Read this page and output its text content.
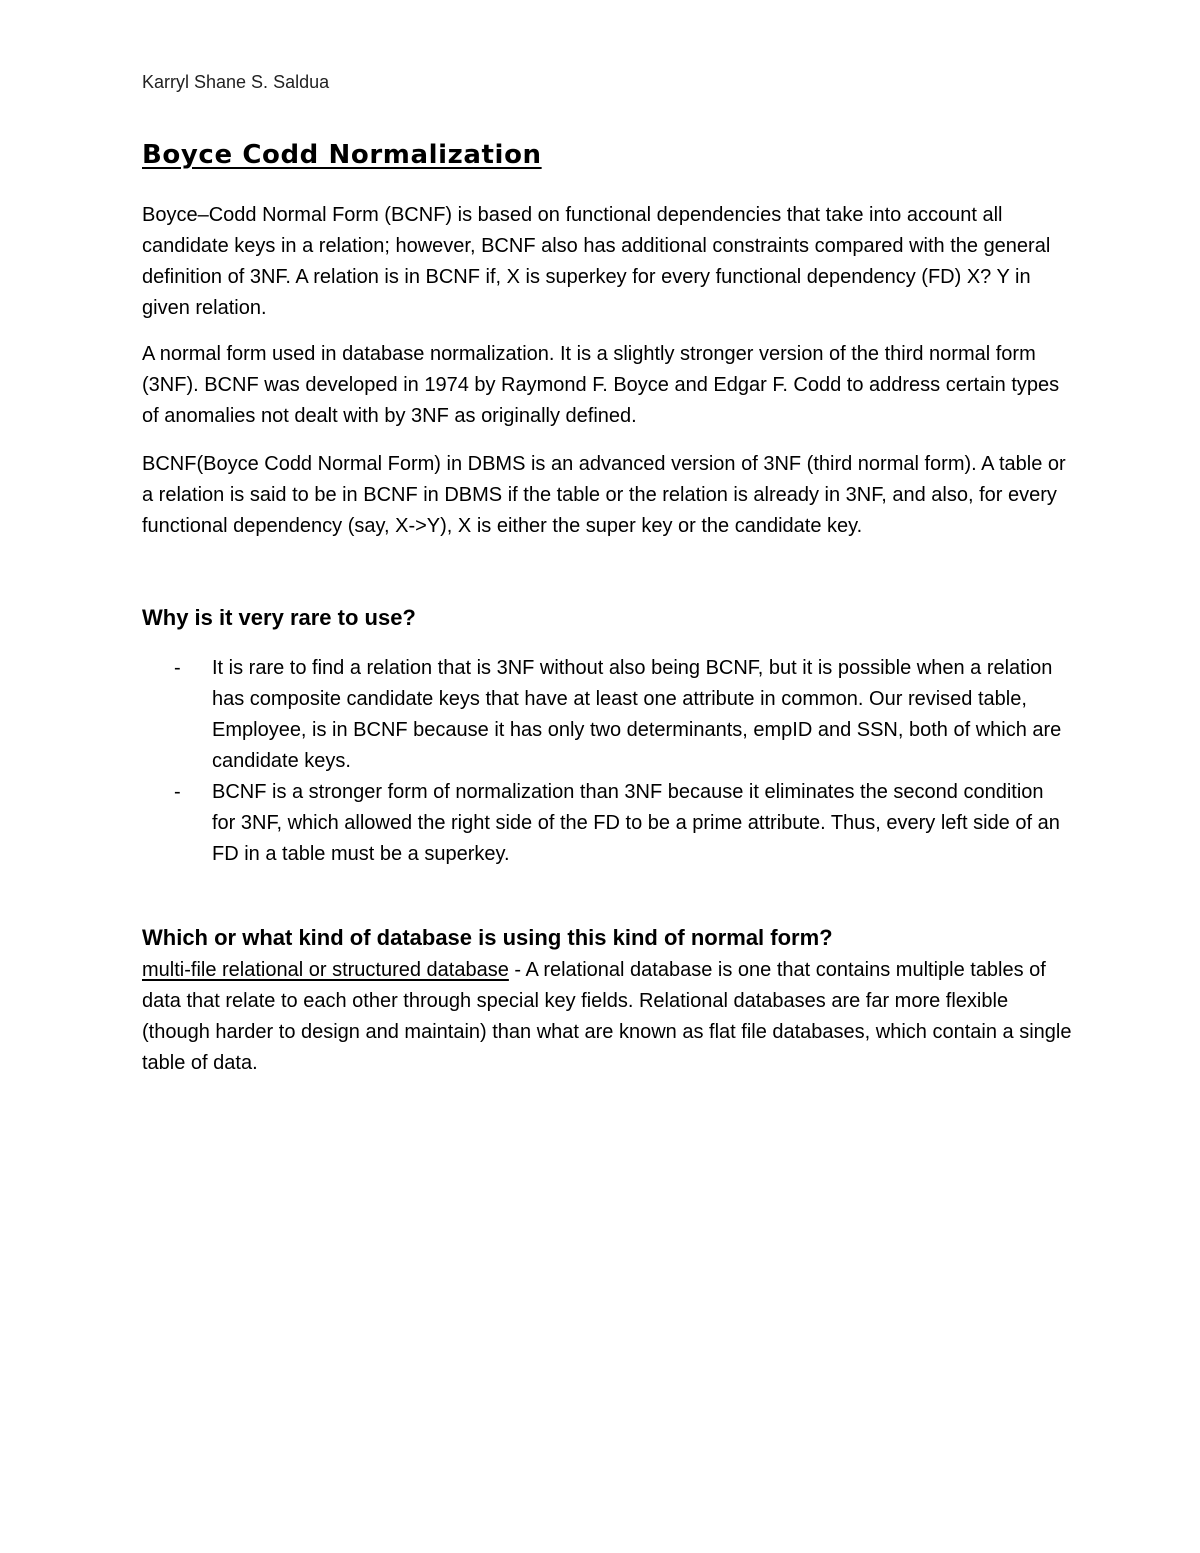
Karryl Shane S. Saldua
Boyce Codd Normalization

Boyce–Codd Normal Form (BCNF) is based on functional dependencies that take into account all candidate keys in a relation; however, BCNF also has additional constraints compared with the general definition of 3NF. A relation is in BCNF if, X is superkey for every functional dependency (FD) X? Y in given relation.

A normal form used in database normalization. It is a slightly stronger version of the third normal form (3NF). BCNF was developed in 1974 by Raymond F. Boyce and Edgar F. Codd to address certain types of anomalies not dealt with by 3NF as originally defined.

BCNF(Boyce Codd Normal Form) in DBMS is an advanced version of 3NF (third normal form). A table or a relation is said to be in BCNF in DBMS if the table or the relation is already in 3NF, and also, for every functional dependency (say, X->Y), X is either the super key or the candidate key.

Why is it very rare to use?
- It is rare to find a relation that is 3NF without also being BCNF, but it is possible when a relation has composite candidate keys that have at least one attribute in common. Our revised table, Employee, is in BCNF because it has only two determinants, empID and SSN, both of which are candidate keys.
- BCNF is a stronger form of normalization than 3NF because it eliminates the second condition for 3NF, which allowed the right side of the FD to be a prime attribute. Thus, every left side of an FD in a table must be a superkey.
Which or what kind of database is using this kind of normal form?

multi-file relational or structured database - A relational database is one that contains multiple tables of data that relate to each other through special key fields. Relational databases are far more flexible (though harder to design and maintain) than what are known as flat file databases, which contain a single table of data.
